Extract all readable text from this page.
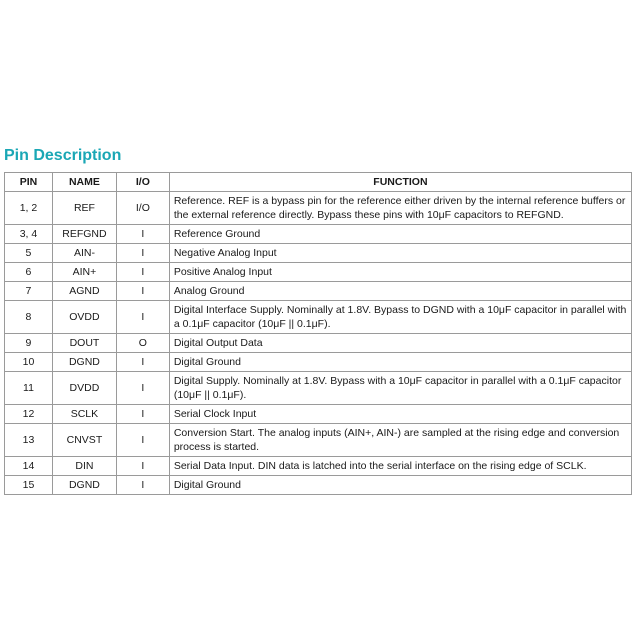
Pin Description
PIN	NAME	I/O	FUNCTION
1, 2	REF	I/O	Reference. REF is a bypass pin for the reference either driven by the internal reference buffers or the external reference directly. Bypass these pins with 10μF capacitors to REFGND.
3, 4	REFGND	I	Reference Ground
5	AIN-	I	Negative Analog Input
6	AIN+	I	Positive Analog Input
7	AGND	I	Analog Ground
8	OVDD	I	Digital Interface Supply. Nominally at 1.8V. Bypass to DGND with a 10μF capacitor in parallel with a 0.1μF capacitor (10μF || 0.1μF).
9	DOUT	O	Digital Output Data
10	DGND	I	Digital Ground
11	DVDD	I	Digital Supply. Nominally at 1.8V. Bypass with a 10μF capacitor in parallel with a 0.1μF capacitor (10μF || 0.1μF).
12	SCLK	I	Serial Clock Input
13	CNVST	I	Conversion Start. The analog inputs (AIN+, AIN-) are sampled at the rising edge and conversion process is started.
14	DIN	I	Serial Data Input. DIN data is latched into the serial interface on the rising edge of SCLK.
15	DGND	I	Digital Ground
